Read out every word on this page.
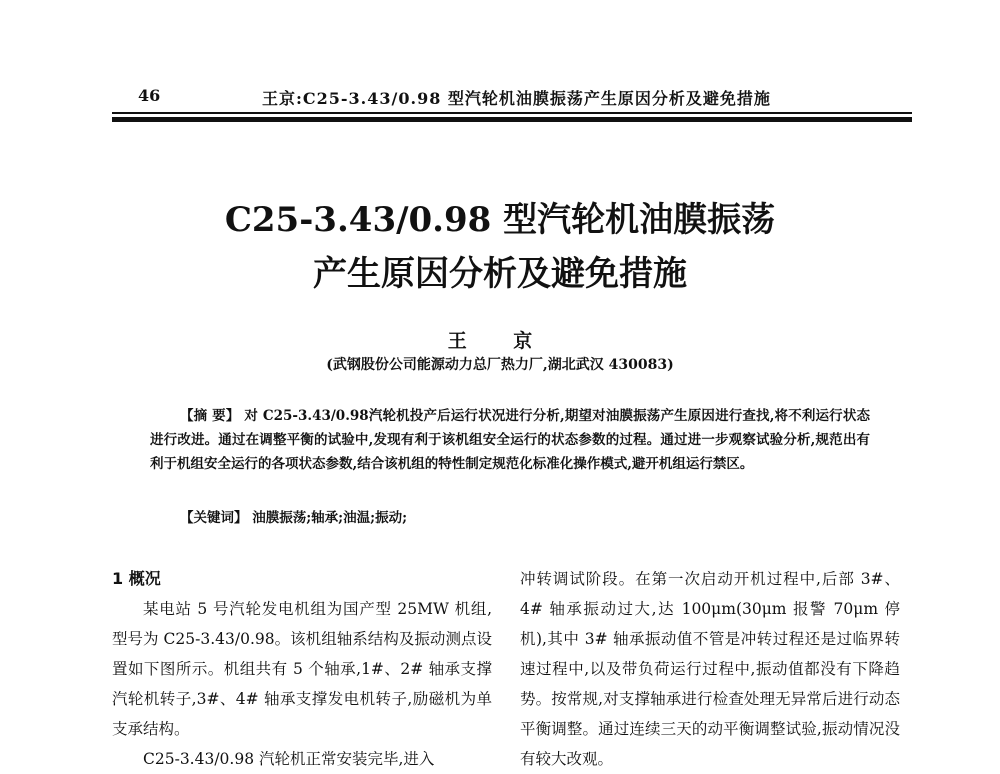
46	王京:C25-3.43/0.98 型汽轮机油膜振荡产生原因分析及避免措施
C25-3.43/0.98 型汽轮机油膜振荡
产生原因分析及避免措施
王 京
(武钢股份公司能源动力总厂热力厂,湖北武汉 430083)
【摘 要】 对 C25-3.43/0.98汽轮机投产后运行状况进行分析,期望对油膜振荡产生原因进行查找,将不利运行状态进行改进。通过在调整平衡的试验中,发现有利于该机组安全运行的状态参数的过程。通过进一步观察试验分析,规范出有利于机组安全运行的各项状态参数,结合该机组的特性制定规范化标准化操作模式,避开机组运行禁区。
【关键词】 油膜振荡;轴承;油温;振动;

1 概况

某电站 5 号汽轮发电机组为国产型 25MW 机组,型号为 C25-3.43/0.98。该机组轴系结构及振动测点设置如下图所示。机组共有 5 个轴承,1#、2# 轴承支撑汽轮机转子,3#、4# 轴承支撑发电机转子,励磁机为单支承结构。

C25-3.43/0.98 汽轮机正常安装完毕,进入

冲转调试阶段。在第一次启动开机过程中,后部 3#、4# 轴承振动过大,达 100μm(30μm 报警 70μm 停机),其中 3# 轴承振动值不管是冲转过程还是过临界转速过程中,以及带负荷运行过程中,振动值都没有下降趋势。按常规,对支撑轴承进行检查处理无异常后进行动态平衡调整。通过连续三天的动平衡调整试验,振动情况没有较大改观。
